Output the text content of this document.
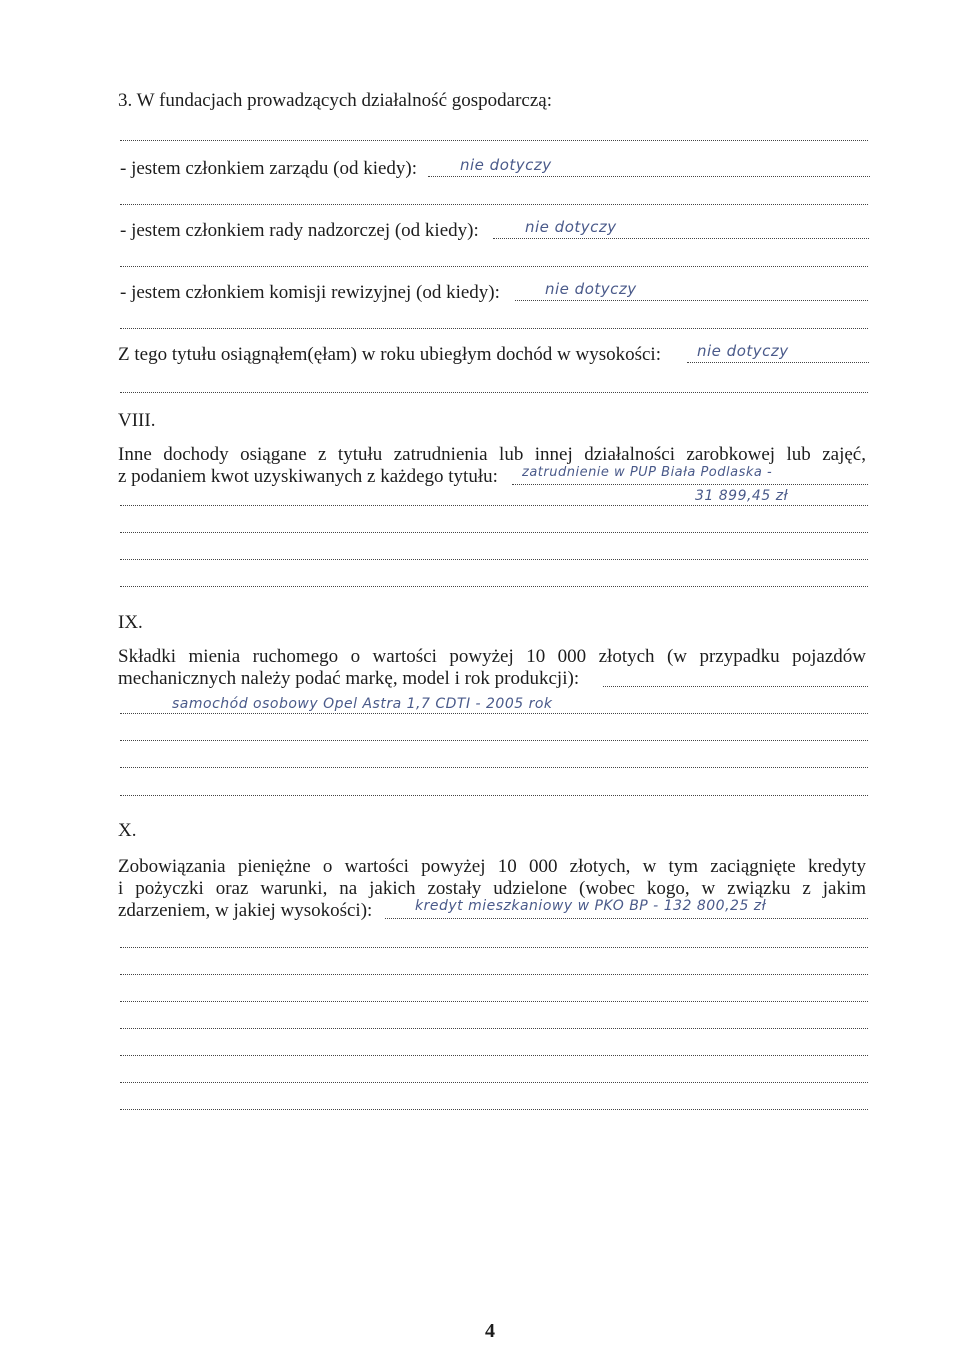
3. W fundacjach prowadzących działalność gospodarczą:
- jestem członkiem zarządu (od kiedy):	nie dotyczy
- jestem członkiem rady nadzorczej (od kiedy):	nie dotyczy
- jestem członkiem komisji rewizyjnej (od kiedy):	nie dotyczy
Z tego tytułu osiągnąłem(ęłam) w roku ubiegłym dochód w wysokości: nie dotyczy
VIII.
Inne dochody osiągane z tytułu zatrudnienia lub innej działalności zarobkowej lub zajęć,
z podaniem kwot uzyskiwanych z każdego tytułu: zatrudnienie w PUP Biała Podlaska -
31 899,45 zł
IX.
Składki mienia ruchomego o wartości powyżej 10 000 złotych (w przypadku pojazdów
mechanicznych należy podać markę, model i rok produkcji):
samochód osobowy Opel Astra 1,7 CDTI - 2005 rok
X.
Zobowiązania pieniężne o wartości powyżej 10 000 złotych, w tym zaciągnięte kredyty
i pożyczki oraz warunki, na jakich zostały udzielone (wobec kogo, w związku z jakim
zdarzeniem, w jakiej wysokości):	kredyt mieszkaniowy w PKO BP - 132 800,25 zł
4
